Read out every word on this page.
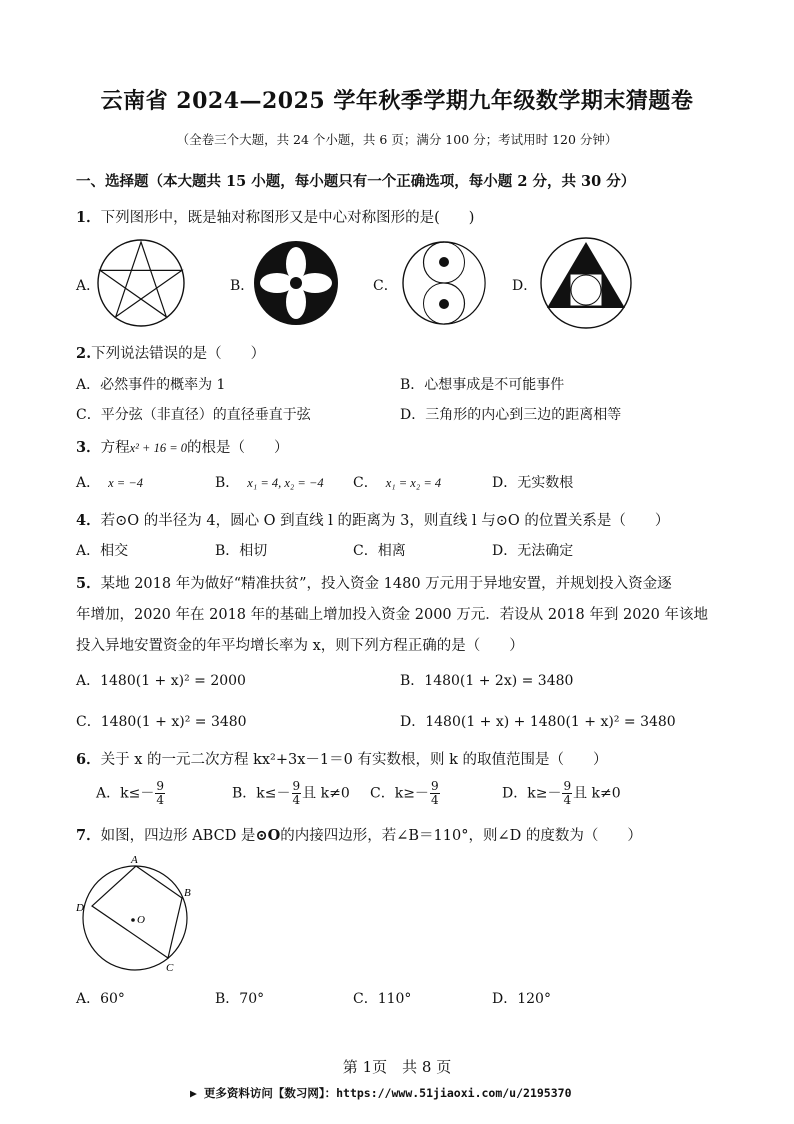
云南省 2024—2025 学年秋季学期九年级数学期末猜题卷
（全卷三个大题，共 24 个小题，共 6 页；满分 100 分；考试用时 120 分钟）
一、选择题（本大题共 15 小题，每小题只有一个正确选项，每小题 2 分，共 30 分）
1．下列图形中，既是轴对称图形又是中心对称图形的是(　　)
A．	B．	C．	D．
2.下列说法错误的是（　　）
A．必然事件的概率为 1	B．心想事成是不可能事件
C．平分弦（非直径）的直径垂直于弦	D．三角形的内心到三边的距离相等
3．方程x² + 16 = 0的根是（　　）
A． x = −4	B． x₁ = 4, x₂ = −4 C． x₁ = x₂ = 4	D．无实数根
4．若⊙O 的半径为 4，圆心 O 到直线 l 的距离为 3，则直线 l 与⊙O 的位置关系是（　　）
A．相交	B．相切	C．相离	D．无法确定
5．某地 2018 年为做好“精准扶贫”，投入资金 1480 万元用于异地安置，并规划投入资金逐
年增加，2020 年在 2018 年的基础上增加投入资金 2000 万元．若设从 2018 年到 2020 年该地
投入异地安置资金的年平均增长率为 x，则下列方程正确的是（　　）
A．1480(1 + x)² = 2000	B．1480(1 + 2x) = 3480
C．1480(1 + x)² = 3480	D．1480(1 + x) + 1480(1 + x)² = 3480
6．关于 x 的一元二次方程 kx²+3x－1＝0 有实数根，则 k 的取值范围是（　　）
A．$k\le- \frac{9}{4}$	B．$k\le- \frac{9}{4}$ 且 k≠0 C．$k\ge- \frac{9}{4}$	D．$k\ge- \frac{9}{4}$ 且 k≠0
7．如图，四边形 ABCD 是⊙O的内接四边形，若∠B＝110°，则∠D 的度数为（　　）
A
B
C
D
O
A．60°	B．70°	C．110°	D．120°
第 1页　共 8 页
▶ 更多资料访问【数习网】：https://www.51jiaoxi.com/u/2195370
